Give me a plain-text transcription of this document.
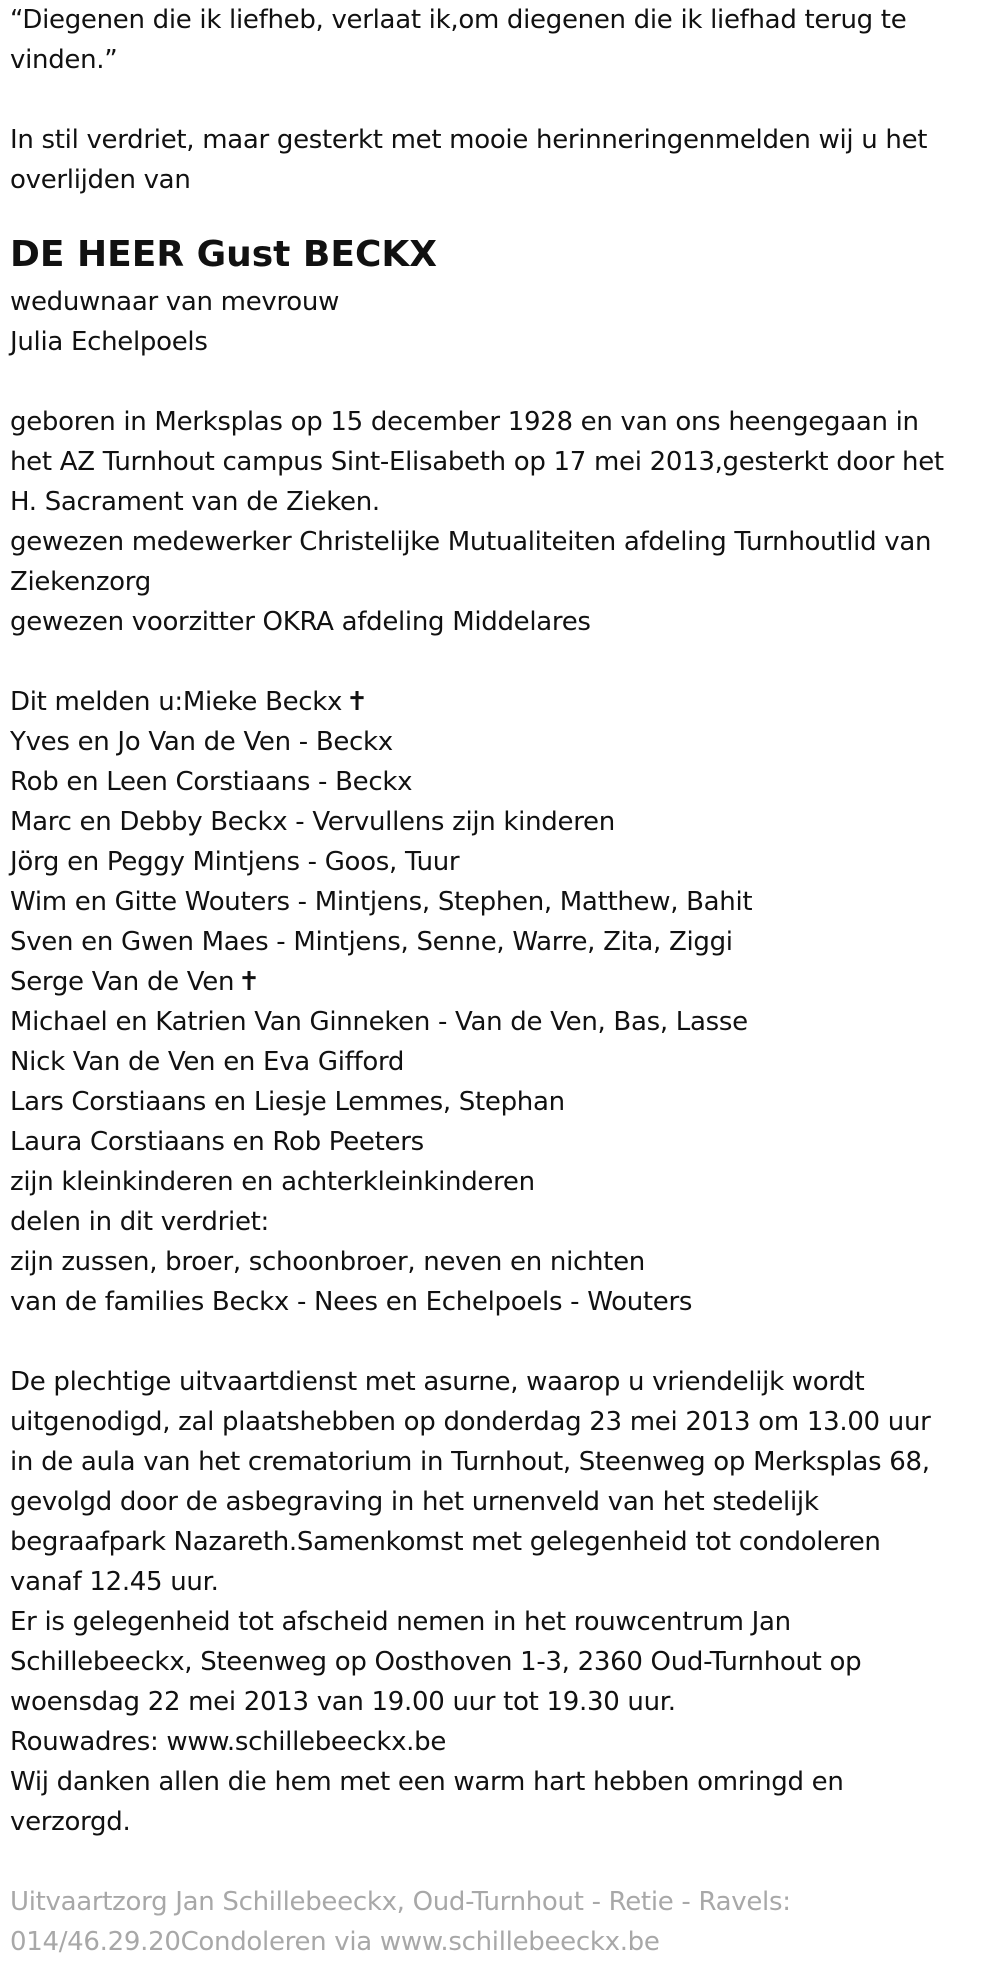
“Diegenen die ik liefheb, verlaat ik,om diegenen die ik liefhad terug te
vinden.”
In stil verdriet, maar gesterkt met mooie herinneringenmelden wij u het
overlijden van
DE HEER Gust BECKX
weduwnaar van mevrouw
Julia Echelpoels
geboren in Merksplas op 15 december 1928 en van ons heengegaan in
het AZ Turnhout campus Sint-Elisabeth op 17 mei 2013,gesterkt door het
H. Sacrament van de Zieken.
gewezen medewerker Christelijke Mutualiteiten afdeling Turnhoutlid van
Ziekenzorg
gewezen voorzitter OKRA afdeling Middelares
Dit melden u:Mieke Beckx ✝
Yves en Jo Van de Ven - Beckx
Rob en Leen Corstiaans - Beckx
Marc en Debby Beckx - Vervullens zijn kinderen
Jörg en Peggy Mintjens - Goos, Tuur
Wim en Gitte Wouters - Mintjens, Stephen, Matthew, Bahit
Sven en Gwen Maes - Mintjens, Senne, Warre, Zita, Ziggi
Serge Van de Ven ✝
Michael en Katrien Van Ginneken - Van de Ven, Bas, Lasse
Nick Van de Ven en Eva Gifford
Lars Corstiaans en Liesje Lemmes, Stephan
Laura Corstiaans en Rob Peeters
zijn kleinkinderen en achterkleinkinderen
delen in dit verdriet:
zijn zussen, broer, schoonbroer, neven en nichten
van de families Beckx - Nees en Echelpoels - Wouters
De plechtige uitvaartdienst met asurne, waarop u vriendelijk wordt
uitgenodigd, zal plaatshebben op donderdag 23 mei 2013 om 13.00 uur
in de aula van het crematorium in Turnhout, Steenweg op Merksplas 68,
gevolgd door de asbegraving in het urnenveld van het stedelijk
begraafpark Nazareth.Samenkomst met gelegenheid tot condoleren
vanaf 12.45 uur.
Er is gelegenheid tot afscheid nemen in het rouwcentrum Jan
Schillebeeckx, Steenweg op Oosthoven 1-3, 2360 Oud-Turnhout op
woensdag 22 mei 2013 van 19.00 uur tot 19.30 uur.
Rouwadres: www.schillebeeckx.be
Wij danken allen die hem met een warm hart hebben omringd en
verzorgd.
Uitvaartzorg Jan Schillebeeckx, Oud-Turnhout - Retie - Ravels:
014/46.29.20Condoleren via www.schillebeeckx.be
